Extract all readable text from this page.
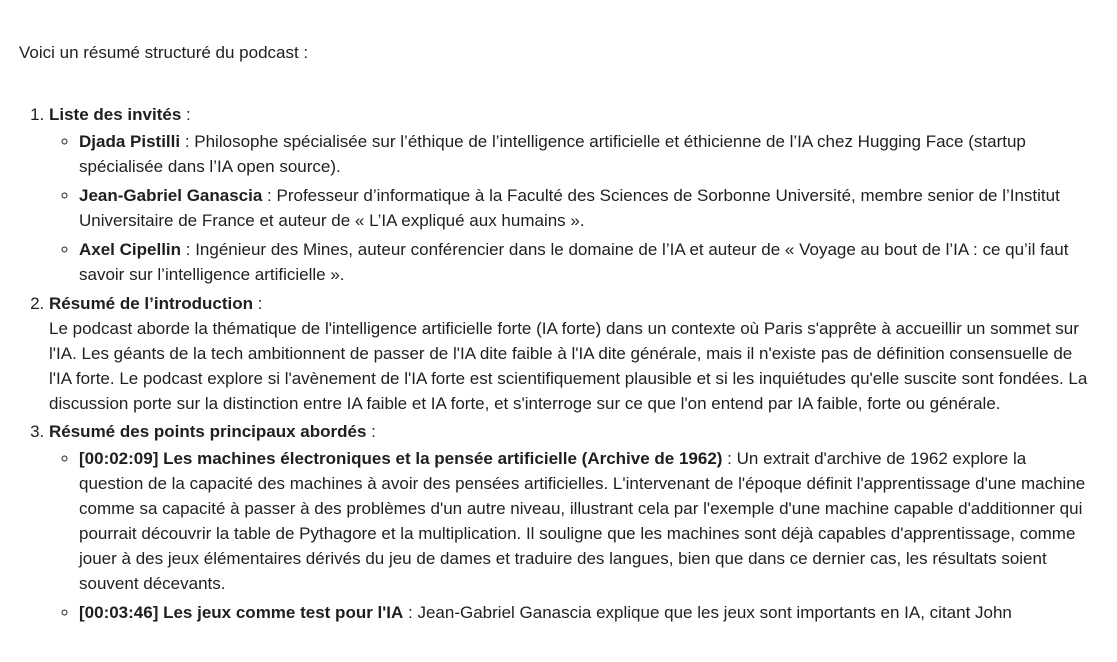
Voici un résumé structuré du podcast :

1. Liste des invités :
◦ Djada Pistilli : Philosophe spécialisée sur l’éthique de l’intelligence artificielle et éthicienne de l’IA chez Hugging Face (startup spécialisée dans l’IA open source).
◦ Jean-Gabriel Ganascia : Professeur d’informatique à la Faculté des Sciences de Sorbonne Université, membre senior de l’Institut Universitaire de France et auteur de « L’IA expliqué aux humains ».
◦ Axel Cipellin : Ingénieur des Mines, auteur conférencier dans le domaine de l’IA et auteur de « Voyage au bout de l’IA : ce qu’il faut savoir sur l’intelligence artificielle ».
2. Résumé de l’introduction :
Le podcast aborde la thématique de l'intelligence artificielle forte (IA forte) dans un contexte où Paris s'apprête à accueillir un sommet sur l'IA. Les géants de la tech ambitionnent de passer de l'IA dite faible à l'IA dite générale, mais il n'existe pas de définition consensuelle de l'IA forte. Le podcast explore si l'avènement de l'IA forte est scientifiquement plausible et si les inquiétudes qu'elle suscite sont fondées. La discussion porte sur la distinction entre IA faible et IA forte, et s'interroge sur ce que l'on entend par IA faible, forte ou générale.
3. Résumé des points principaux abordés :
◦ [00:02:09] Les machines électroniques et la pensée artificielle (Archive de 1962) : Un extrait d'archive de 1962 explore la question de la capacité des machines à avoir des pensées artificielles. L'intervenant de l'époque définit l'apprentissage d'une machine comme sa capacité à passer à des problèmes d'un autre niveau, illustrant cela par l'exemple d'une machine capable d'additionner qui pourrait découvrir la table de Pythagore et la multiplication. Il souligne que les machines sont déjà capables d'apprentissage, comme jouer à des jeux élémentaires dérivés du jeu de dames et traduire des langues, bien que dans ce dernier cas, les résultats soient souvent décevants.
◦ [00:03:46] Les jeux comme test pour l'IA : Jean-Gabriel Ganascia explique que les jeux sont importants en IA, citant John
